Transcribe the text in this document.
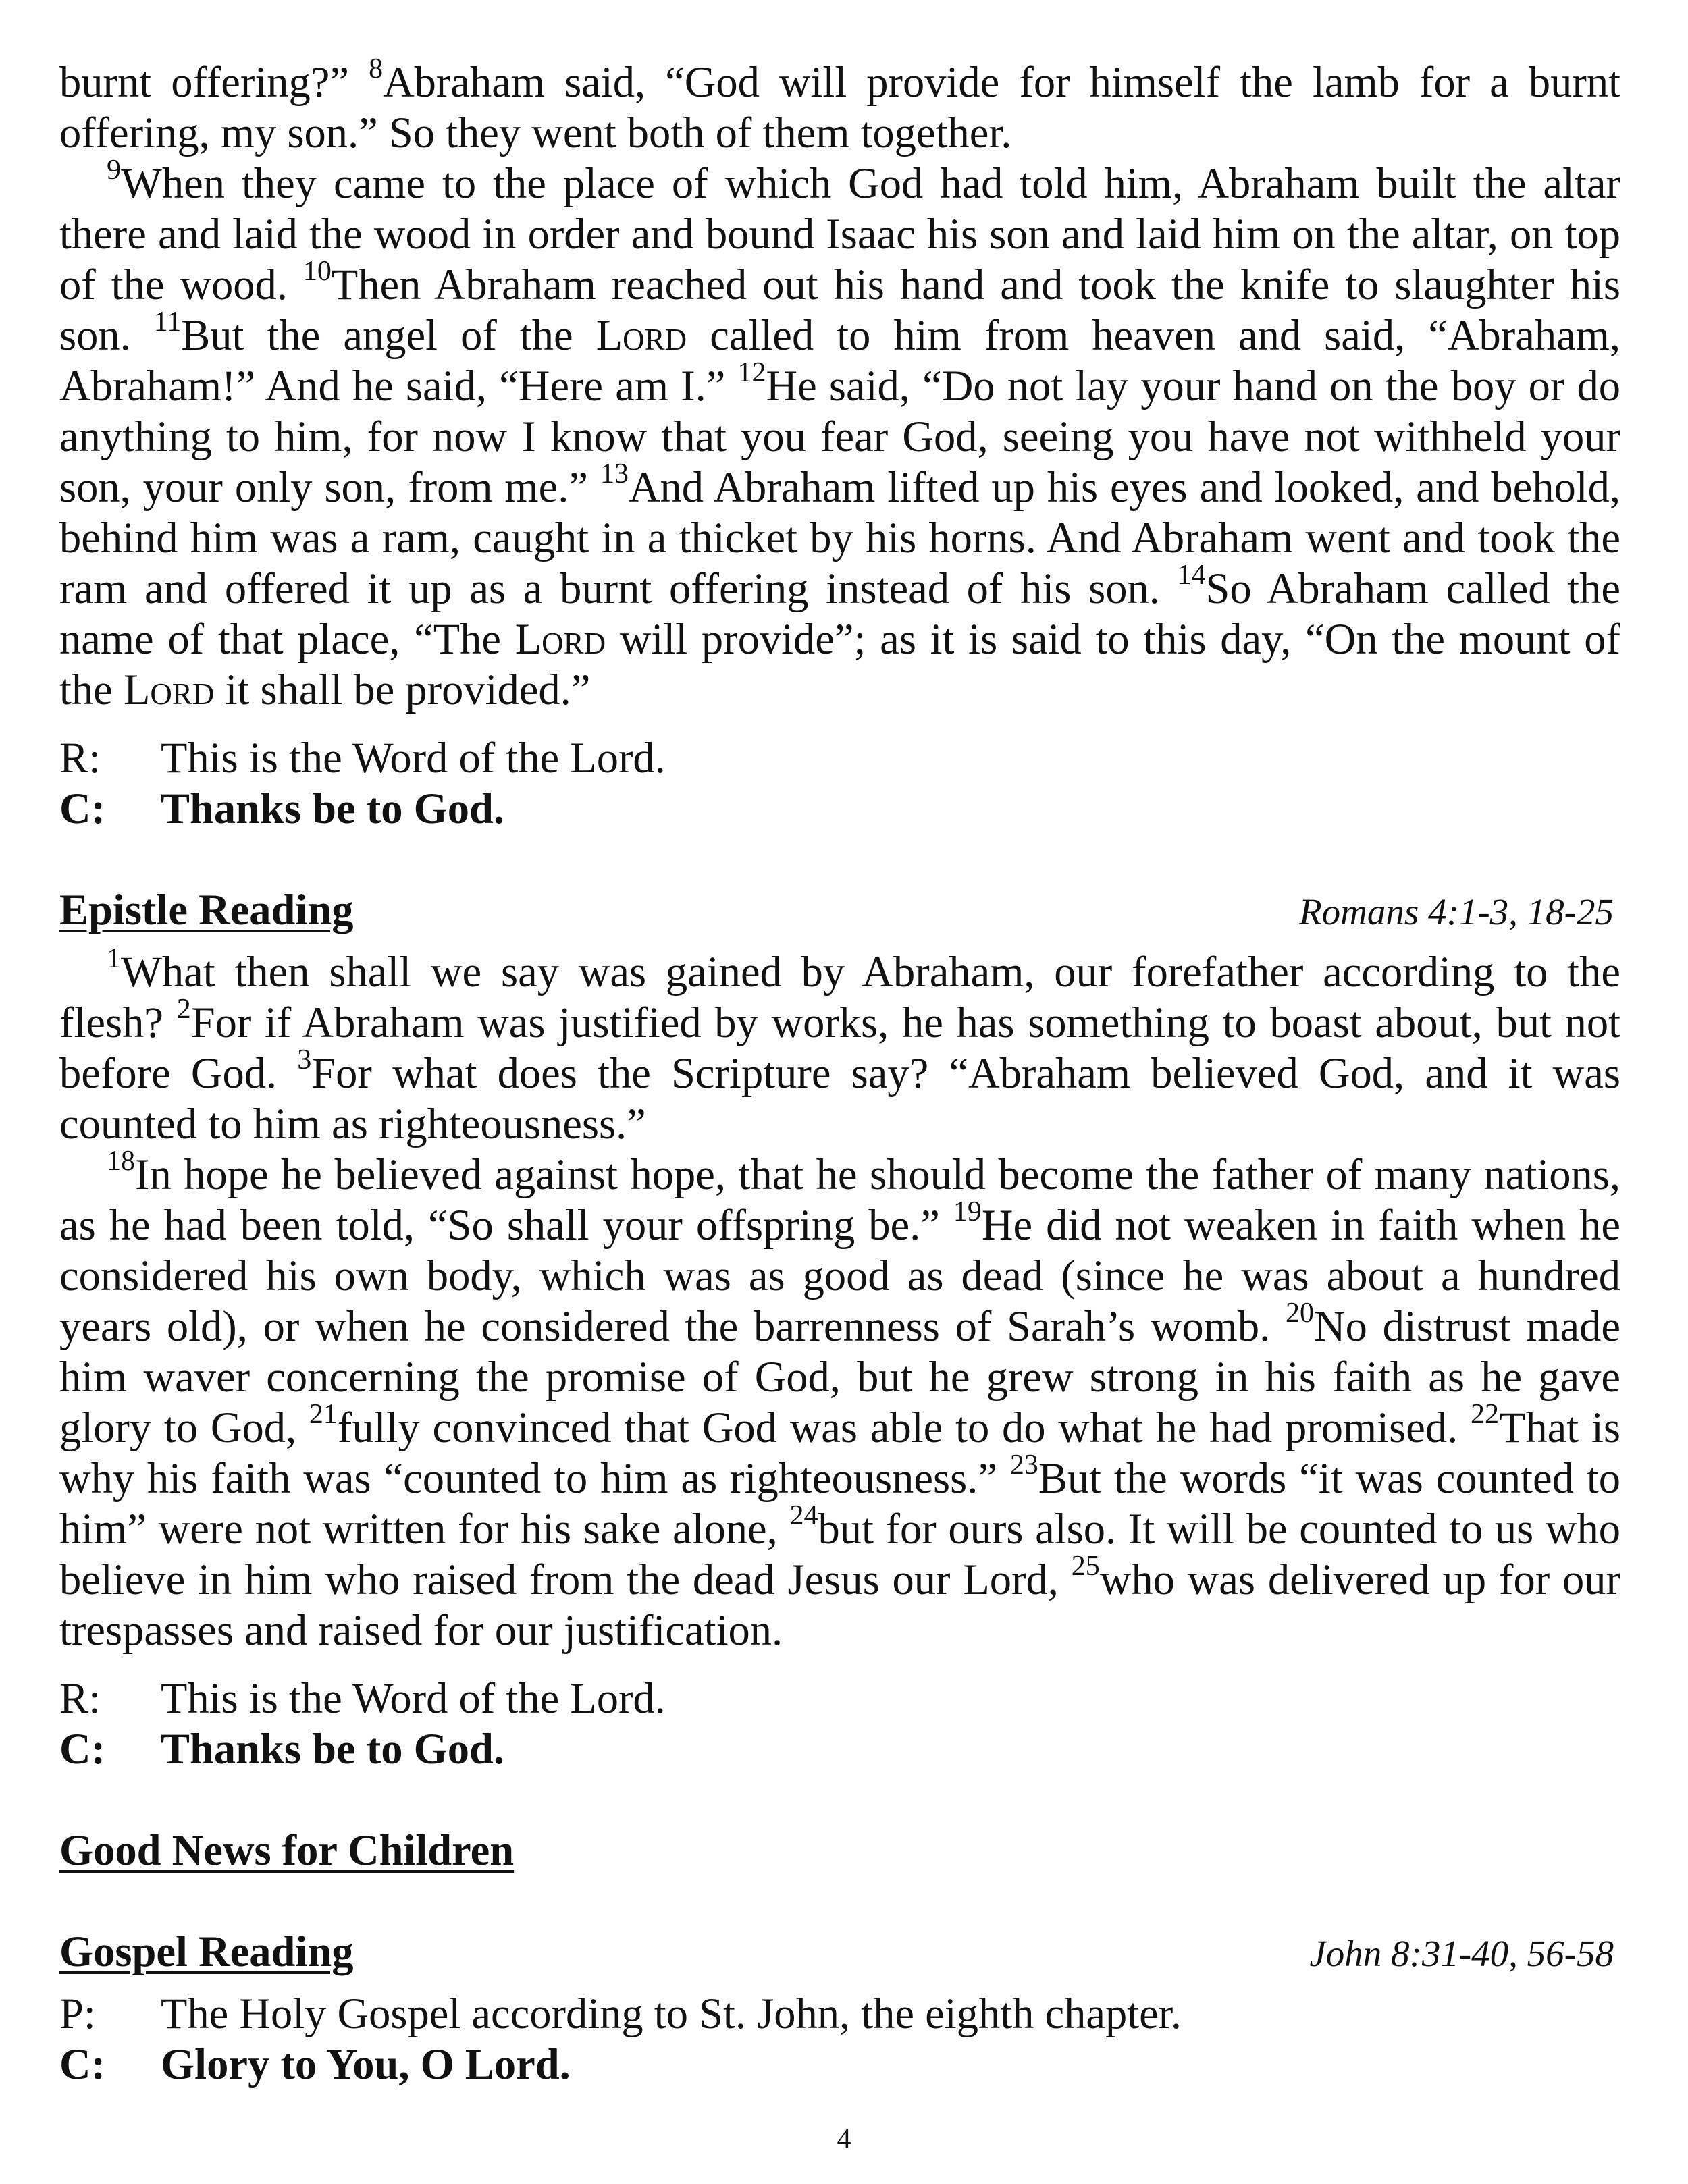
burnt offering?” $^8$Abraham said, “God will provide for himself the lamb for a burnt offering, my son.” So they went both of them together.

$^9$When they came to the place of which God had told him, Abraham built the altar there and laid the wood in order and bound Isaac his son and laid him on the altar, on top of the wood. $^{10}$Then Abraham reached out his hand and took the knife to slaughter his son. $^{11}$But the angel of the Lord called to him from heaven and said, “Abraham, Abraham!” And he said, “Here am I.” $^{12}$He said, “Do not lay your hand on the boy or do anything to him, for now I know that you fear God, seeing you have not withheld your son, your only son, from me.” $^{13}$And Abraham lifted up his eyes and looked, and behold, behind him was a ram, caught in a thicket by his horns. And Abraham went and took the ram and offered it up as a burnt offering instead of his son. $^{14}$So Abraham called the name of that place, “The Lord will provide”; as it is said to this day, “On the mount of the Lord it shall be provided.”

R:	This is the Word of the Lord.
C:	Thanks be to God.
Epistle Reading	Romans 4:1-3, 18-25

$^1$What then shall we say was gained by Abraham, our forefather according to the flesh? $^2$For if Abraham was justified by works, he has something to boast about, but not before God. $^3$For what does the Scripture say? “Abraham believed God, and it was counted to him as righteousness.”

$^{18}$In hope he believed against hope, that he should become the father of many nations, as he had been told, “So shall your offspring be.” $^{19}$He did not weaken in faith when he considered his own body, which was as good as dead (since he was about a hundred years old), or when he considered the barrenness of Sarah’s womb. $^{20}$No distrust made him waver concerning the promise of God, but he grew strong in his faith as he gave glory to God, $^{21}$fully convinced that God was able to do what he had promised. $^{22}$That is why his faith was “counted to him as righteousness.” $^{23}$But the words “it was counted to him” were not written for his sake alone, $^{24}$but for ours also. It will be counted to us who believe in him who raised from the dead Jesus our Lord, $^{25}$who was delivered up for our trespasses and raised for our justification.

R:	This is the Word of the Lord.
C:	Thanks be to God.
Good News for Children
Gospel Reading	John 8:31-40, 56-58
P:	The Holy Gospel according to St. John, the eighth chapter.
C:	Glory to You, O Lord.
4
